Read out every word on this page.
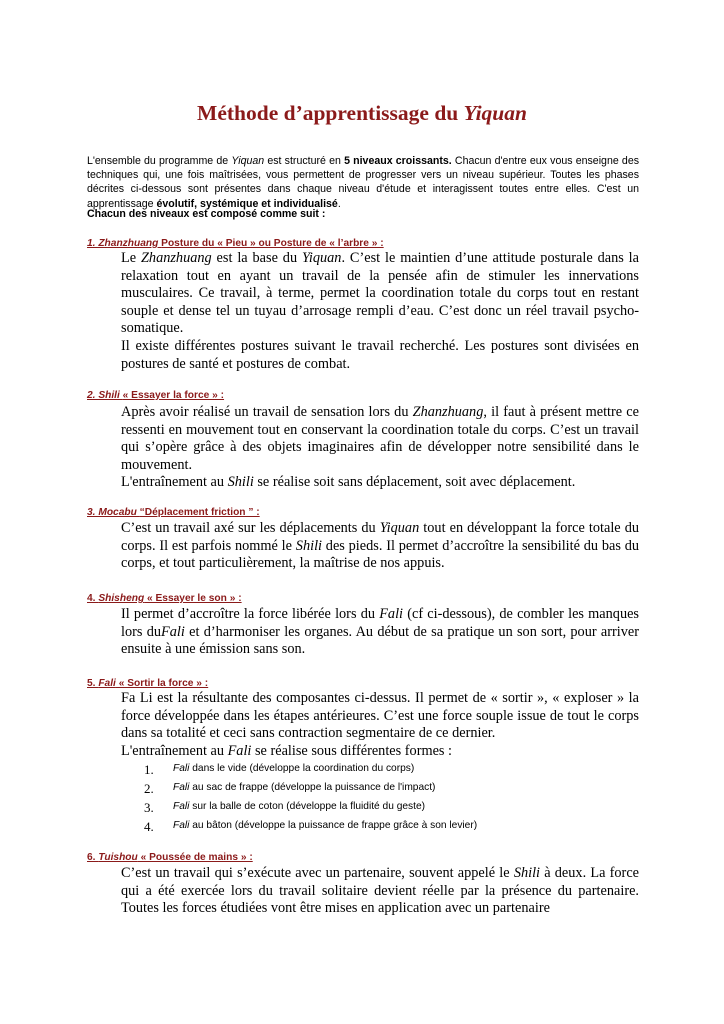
Méthode d’apprentissage du Yiquan
L'ensemble du programme de Yiquan est structuré en 5 niveaux croissants. Chacun d'entre eux vous enseigne des techniques qui, une fois maîtrisées, vous permettent de progresser vers un niveau supérieur. Toutes les phases décrites ci-dessous sont présentes dans chaque niveau d'étude et interagissent toutes entre elles. C'est un apprentissage évolutif, systémique et individualisé.
Chacun des niveaux est composé comme suit :
1. Zhanzhuang Posture du « Pieu » ou Posture de « l’arbre » :

Le Zhanzhuang est la base du Yiquan. C’est le maintien d’une attitude posturale dans la relaxation tout en ayant un travail de la pensée afin de stimuler les innervations musculaires. Ce travail, à terme, permet la coordination totale du corps tout en restant souple et dense tel un tuyau d’arrosage rempli d’eau. C’est donc un réel travail psycho-somatique.

Il existe différentes postures suivant le travail recherché. Les postures sont divisées en postures de santé et postures de combat.

2. Shili « Essayer la force » :

Après avoir réalisé un travail de sensation lors du Zhanzhuang, il faut à présent mettre ce ressenti en mouvement tout en conservant la coordination totale du corps. C’est un travail qui s’opère grâce à des objets imaginaires afin de développer notre sensibilité dans le mouvement.

L'entraînement au Shili se réalise soit sans déplacement, soit avec déplacement.

3. Mocabu “Déplacement friction ” :

C’est un travail axé sur les déplacements du Yiquan tout en développant la force totale du corps. Il est parfois nommé le Shili des pieds. Il permet d’accroître la sensibilité du bas du corps, et tout particulièrement, la maîtrise de nos appuis.

4. Shisheng « Essayer le son » :

Il permet d’accroître la force libérée lors du Fali (cf ci-dessous), de combler les manques lors duFali et d’harmoniser les organes. Au début de sa pratique un son sort, pour arriver ensuite à une émission sans son.

5. Fali « Sortir la force » :

Fa Li est la résultante des composantes ci-dessus. Il permet de « sortir », « exploser » la force développée dans les étapes antérieures. C’est une force souple issue de tout le corps dans sa totalité et ceci sans contraction segmentaire de ce dernier.

L'entraînement au Fali se réalise sous différentes formes :

1. Fali dans le vide (développe la coordination du corps)
2. Fali au sac de frappe (développe la puissance de l'impact)
3. Fali sur la balle de coton (développe la fluidité du geste)
4. Fali au bâton (développe la puissance de frappe grâce à son levier)
6. Tuishou « Poussée de mains » :

C’est un travail qui s’exécute avec un partenaire, souvent appelé le Shili à deux. La force qui a été exercée lors du travail solitaire devient réelle par la présence du partenaire. Toutes les forces étudiées vont être mises en application avec un partenaire
